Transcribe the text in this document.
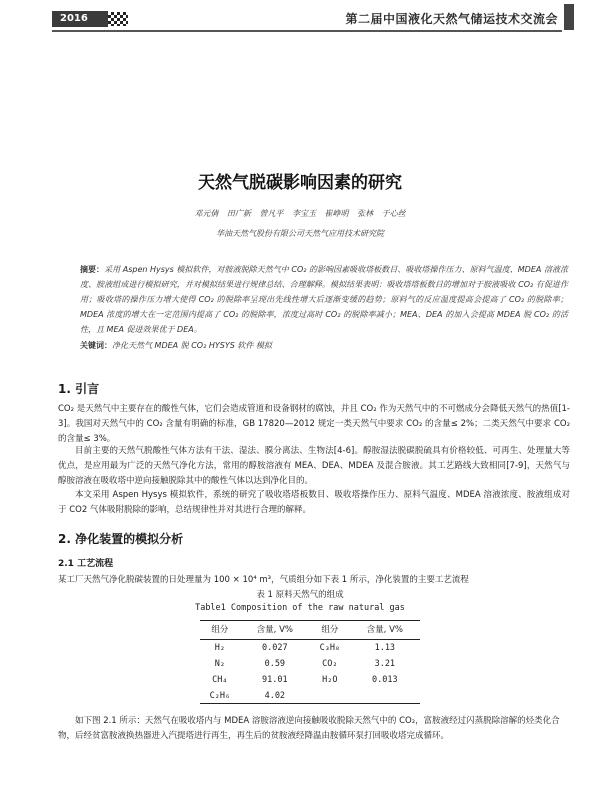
2016	第二届中国液化天然气储运技术交流会
天然气脱碳影响因素的研究
邓元倩 田广新 曾凡平 李宝玉 崔峥明 张林 于心丝
华油天然气股份有限公司天然气应用技术研究院
摘要：采用 Aspen Hysys 模拟软件，对胺液脱除天然气中 CO₂ 的影响因素吸收塔板数目、吸收塔操作压力、原料气温度、MDEA 溶液浓度、胺液组成进行模拟研究，并对模拟结果进行规律总结、合理解释。模拟结果表明：吸收塔塔板数目的增加对于胺液吸收 CO₂ 有促进作用；吸收塔的操作压力增大使得 CO₂ 的脱除率呈现出先线性增大后逐渐变缓的趋势；原料气的反应温度提高会提高了 CO₂ 的脱除率；MDEA 浓度的增大在一定范围内提高了 CO₂ 的脱除率，浓度过高时 CO₂ 的脱除率减小；MEA、DEA 的加入会提高 MDEA 脱 CO₂ 的活性，且 MEA 促进效果优于 DEA。
关键词：净化天然气 MDEA 脱 CO₂ HYSYS 软件 模拟
1. 引言
CO₂ 是天然气中主要存在的酸性气体，它们会造成管道和设备钢材的腐蚀，并且 CO₂ 作为天然气中的不可燃成分会降低天然气的热值[1-3]。我国对天然气中的 CO₂ 含量有明确的标准，GB 17820—2012 规定一类天然气中要求 CO₂ 的含量≤ 2%；二类天然气中要求 CO₂ 的含量≤ 3%。
目前主要的天然气脱酸性气体方法有干法、湿法、膜分离法、生物法[4-6]。醇胺湿法脱碳脱硫具有价格较低、可再生、处理量大等优点，是应用最为广泛的天然气净化方法，常用的醇胺溶液有 MEA、DEA、MDEA 及混合胺液。其工艺路线大致相同[7-9]，天然气与醇胺溶液在吸收塔中逆向接触脱除其中的酸性气体以达到净化目的。
本文采用 Aspen Hysys 模拟软件，系统的研究了吸收塔塔板数目、吸收塔操作压力、原料气温度、MDEA 溶液浓度、胺液组成对于 CO2 气体吸附脱除的影响，总结规律性并对其进行合理的解释。
2. 净化装置的模拟分析
2.1 工艺流程
某工厂天然气净化脱碳装置的日处理量为 100 × 10⁴ m³，气质组分如下表 1 所示，净化装置的主要工艺流程
表 1 原料天然气的组成
Table1 Composition of the raw natural gas
组分	含量, V%	组分	含量, V%
H₂	0.027	C₃H₈	1.13
N₂	0.59	CO₂	3.21
CH₄	91.01	H₂O	0.013
C₂H₆	4.02		
如下图 2.1 所示：天然气在吸收塔内与 MDEA 溶胺溶液逆向接触吸收脱除天然气中的 CO₂，富胺液经过闪蒸脱除溶解的烃类化合物，后经贫富胺液换热器进入汽提塔进行再生，再生后的贫胺液经降温由胺循环泵打回吸收塔完成循环。
